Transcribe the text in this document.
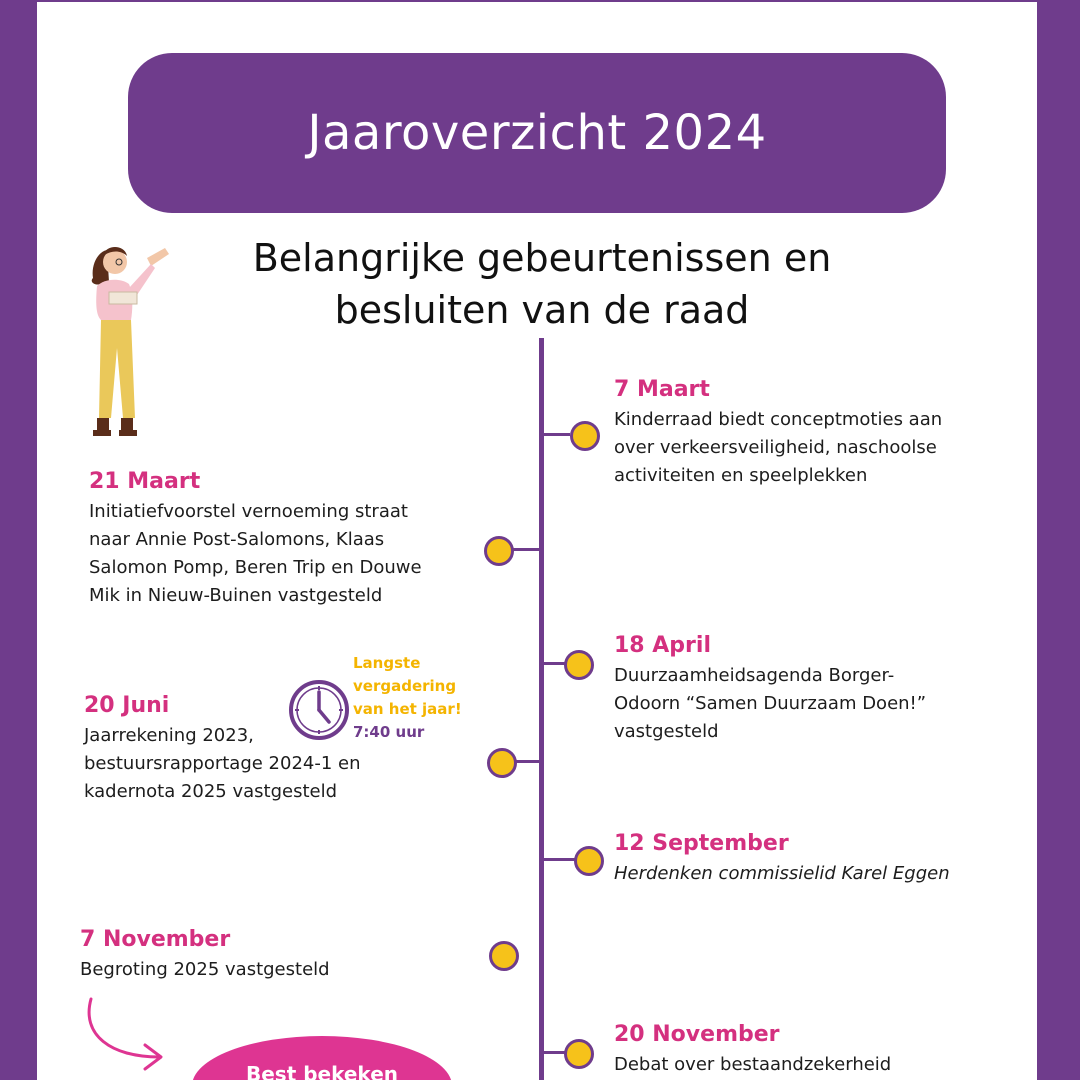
Jaaroverzicht 2024
Belangrijke gebeurtenissen en
besluiten van de raad
7 Maart
Kinderraad biedt conceptmoties aan
over verkeersveiligheid, naschoolse
activiteiten en speelplekken
21 Maart
Initiatiefvoorstel vernoeming straat
naar Annie Post-Salomons, Klaas
Salomon Pomp, Beren Trip en Douwe
Mik in Nieuw-Buinen vastgesteld
18 April
Duurzaamheidsagenda Borger-
Odoorn “Samen Duurzaam Doen!”
vastgesteld
20 Juni
Jaarrekening 2023,
bestuursrapportage 2024-1 en
kadernota 2025 vastgesteld
Langste
vergadering
van het jaar!
7:40 uur
12 September
Herdenken commissielid Karel Eggen
7 November
Begroting 2025 vastgesteld
20 November
Debat over bestaandzekerheid
Best bekeken
